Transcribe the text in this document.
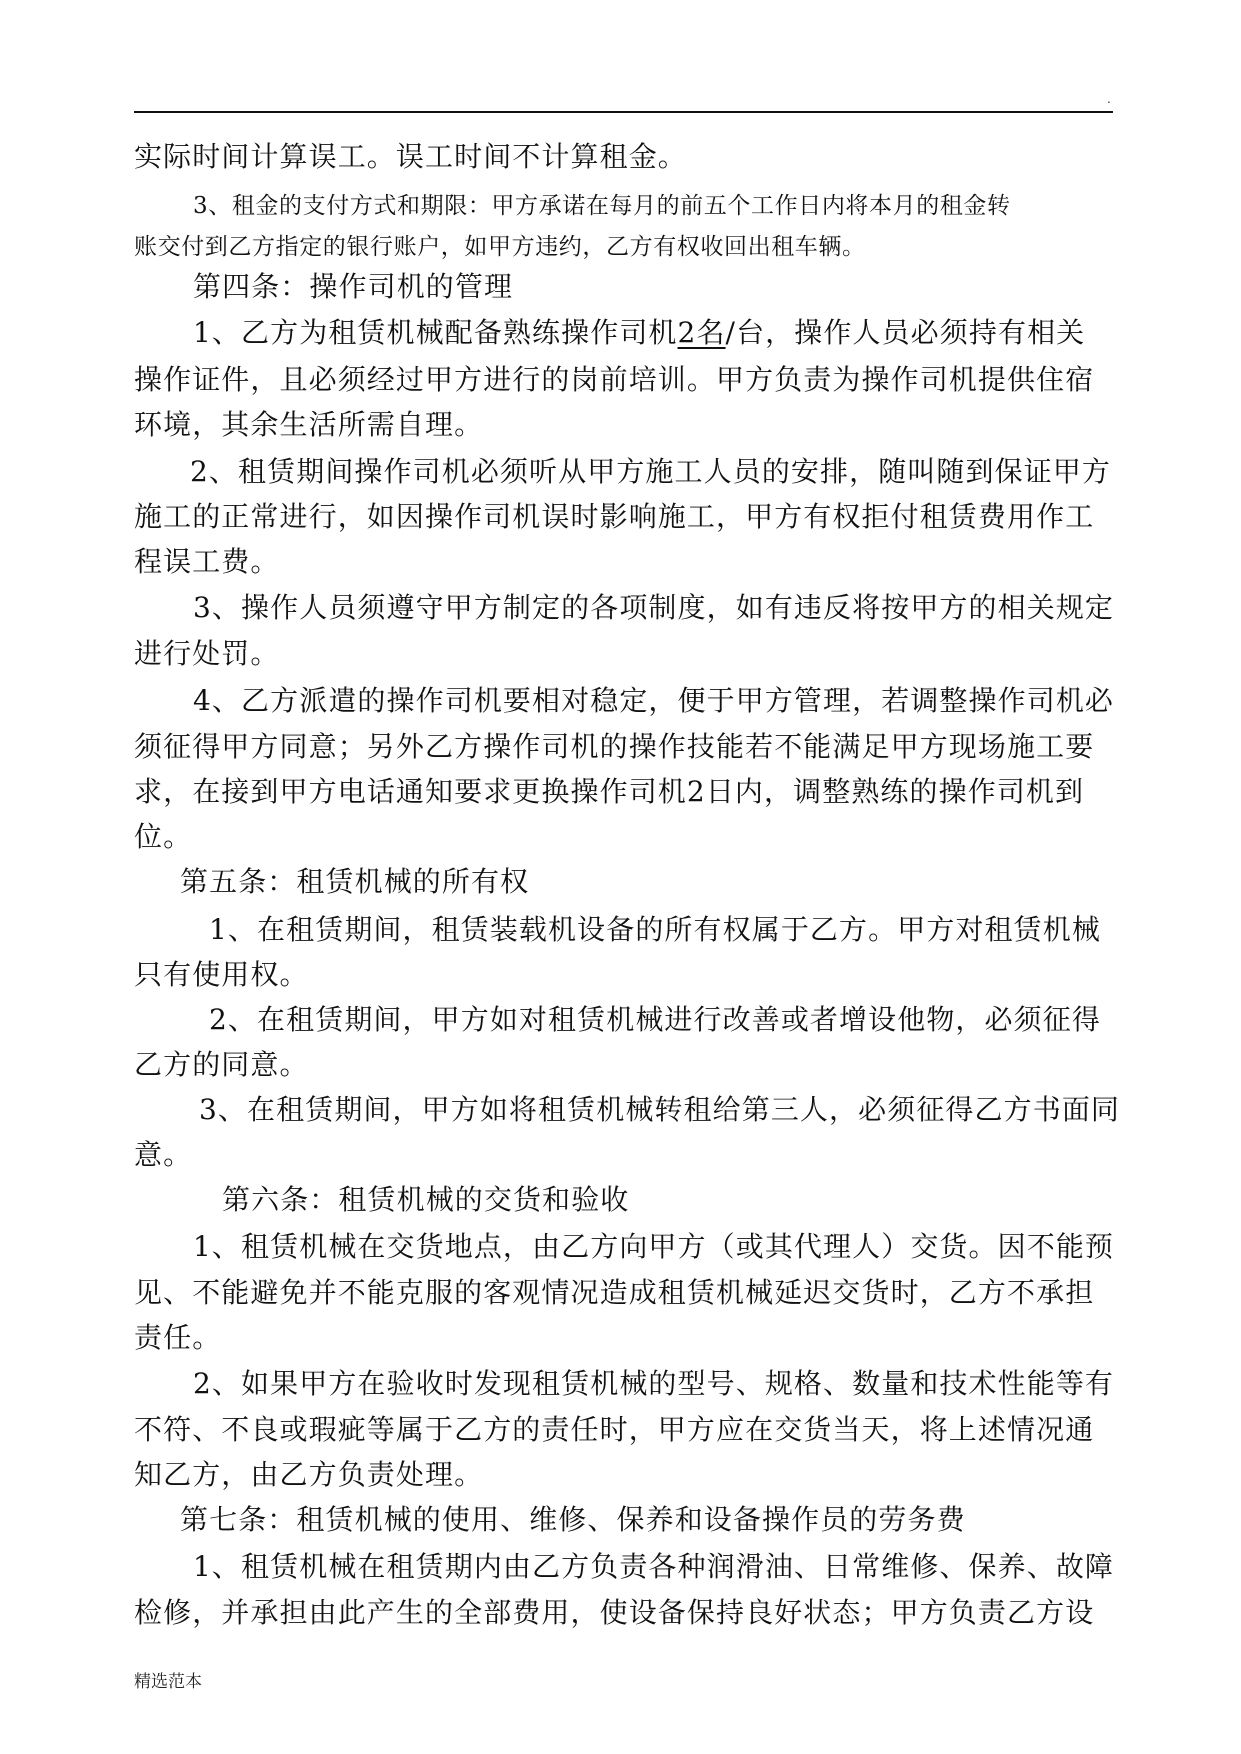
.
实际时间计算误工。误工时间不计算租金。
3、租金的支付方式和期限：甲方承诺在每月的前五个工作日内将本月的租金转
账交付到乙方指定的银行账户，如甲方违约，乙方有权收回出租车辆。
第四条：操作司机的管理
1、乙方为租赁机械配备熟练操作司机2名/台，操作人员必须持有相关
操作证件，且必须经过甲方进行的岗前培训。甲方负责为操作司机提供住宿
环境，其余生活所需自理。
2、租赁期间操作司机必须听从甲方施工人员的安排，随叫随到保证甲方
施工的正常进行，如因操作司机误时影响施工，甲方有权拒付租赁费用作工
程误工费。
3、操作人员须遵守甲方制定的各项制度，如有违反将按甲方的相关规定
进行处罚。
4、乙方派遣的操作司机要相对稳定，便于甲方管理，若调整操作司机必
须征得甲方同意；另外乙方操作司机的操作技能若不能满足甲方现场施工要
求，在接到甲方电话通知要求更换操作司机2日内，调整熟练的操作司机到
位。
第五条：租赁机械的所有权
1、在租赁期间，租赁装载机设备的所有权属于乙方。甲方对租赁机械
只有使用权。
2、在租赁期间，甲方如对租赁机械进行改善或者增设他物，必须征得
乙方的同意。
3、在租赁期间，甲方如将租赁机械转租给第三人，必须征得乙方书面同
意。
第六条：租赁机械的交货和验收
1、租赁机械在交货地点，由乙方向甲方（或其代理人）交货。因不能预
见、不能避免并不能克服的客观情况造成租赁机械延迟交货时，乙方不承担
责任。
2、如果甲方在验收时发现租赁机械的型号、规格、数量和技术性能等有
不符、不良或瑕疵等属于乙方的责任时，甲方应在交货当天，将上述情况通
知乙方，由乙方负责处理。
第七条：租赁机械的使用、维修、保养和设备操作员的劳务费
1、租赁机械在租赁期内由乙方负责各种润滑油、日常维修、保养、故障
检修，并承担由此产生的全部费用，使设备保持良好状态；甲方负责乙方设
精选范本
